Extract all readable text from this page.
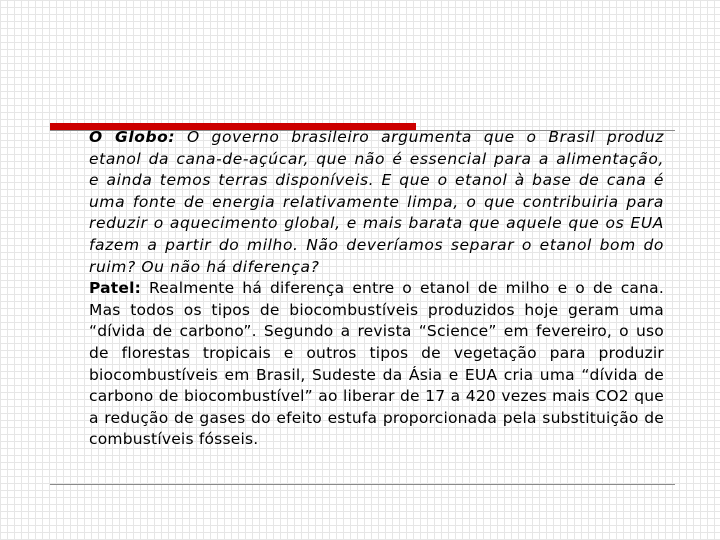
O Globo: O governo brasileiro argumenta que o Brasil produz etanol da cana-de-açúcar, que não é essencial para a alimentação, e ainda temos terras disponíveis. E que o etanol à base de cana é uma fonte de energia relativamente limpa, o que contribuiria para reduzir o aquecimento global, e mais barata que aquele que os EUA fazem a partir do milho. Não deveríamos separar o etanol bom do ruim? Ou não há diferença?

Patel: Realmente há diferença entre o etanol de milho e o de cana. Mas todos os tipos de biocombustíveis produzidos hoje geram uma “dívida de carbono”. Segundo a revista “Science” em fevereiro, o uso de florestas tropicais e outros tipos de vegetação para produzir biocombustíveis em Brasil, Sudeste da Ásia e EUA cria uma “dívida de carbono de biocombustível” ao liberar de 17 a 420 vezes mais CO2 que a redução de gases do efeito estufa proporcionada pela substituição de combustíveis fósseis.
